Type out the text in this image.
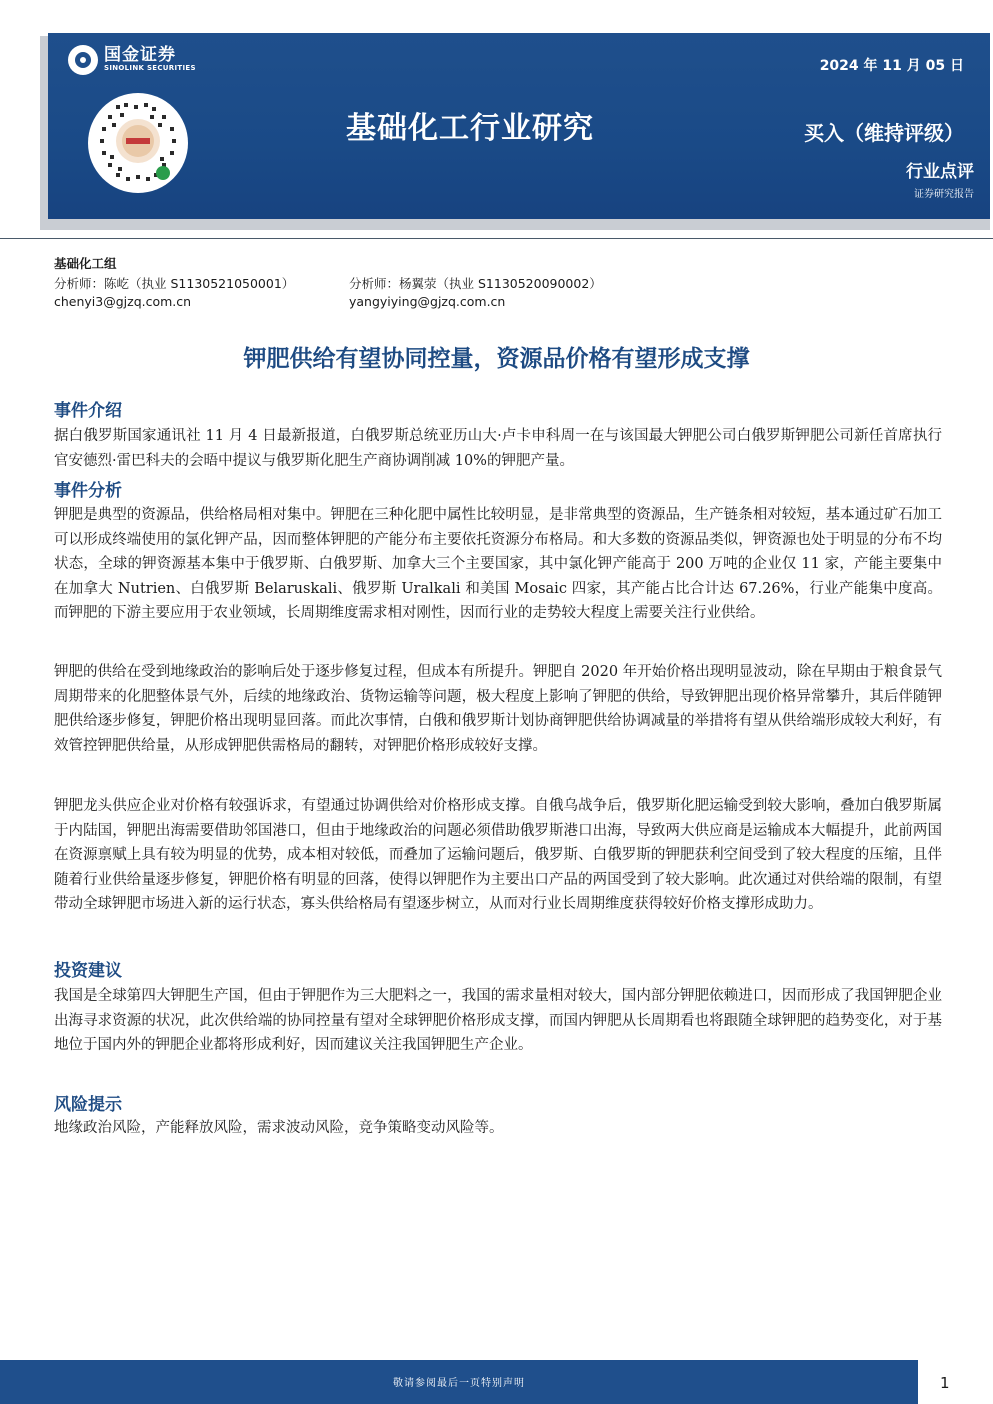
国金证券
SINOLINK SECURITIES	2024 年 11 月 05 日
基础化工行业研究	买入（维持评级）
行业点评
证券研究报告
基础化工组
分析师：陈屹（执业 S1130521050001）
chenyi3@gjzq.com.cn
分析师：杨翼荥（执业 S1130520090002）
yangyiying@gjzq.com.cn
钾肥供给有望协同控量，资源品价格有望形成支撑
事件介绍
据白俄罗斯国家通讯社 11 月 4 日最新报道，白俄罗斯总统亚历山大·卢卡申科周一在与该国最大钾肥公司白俄罗斯钾肥公司新任首席执行官安德烈·雷巴科夫的会晤中提议与俄罗斯化肥生产商协调削减 10%的钾肥产量。
事件分析
钾肥是典型的资源品，供给格局相对集中。钾肥在三种化肥中属性比较明显，是非常典型的资源品，生产链条相对较短，基本通过矿石加工可以形成终端使用的氯化钾产品，因而整体钾肥的产能分布主要依托资源分布格局。和大多数的资源品类似，钾资源也处于明显的分布不均状态，全球的钾资源基本集中于俄罗斯、白俄罗斯、加拿大三个主要国家，其中氯化钾产能高于 200 万吨的企业仅 11 家，产能主要集中在加拿大 Nutrien、白俄罗斯 Belaruskali、俄罗斯 Uralkali 和美国 Mosaic 四家，其产能占比合计达 67.26%，行业产能集中度高。而钾肥的下游主要应用于农业领域，长周期维度需求相对刚性，因而行业的走势较大程度上需要关注行业供给。
钾肥的供给在受到地缘政治的影响后处于逐步修复过程，但成本有所提升。钾肥自 2020 年开始价格出现明显波动，除在早期由于粮食景气周期带来的化肥整体景气外，后续的地缘政治、货物运输等问题，极大程度上影响了钾肥的供给，导致钾肥出现价格异常攀升，其后伴随钾肥供给逐步修复，钾肥价格出现明显回落。而此次事情，白俄和俄罗斯计划协商钾肥供给协调减量的举措将有望从供给端形成较大利好，有效管控钾肥供给量，从形成钾肥供需格局的翻转，对钾肥价格形成较好支撑。
钾肥龙头供应企业对价格有较强诉求，有望通过协调供给对价格形成支撑。自俄乌战争后，俄罗斯化肥运输受到较大影响，叠加白俄罗斯属于内陆国，钾肥出海需要借助邻国港口，但由于地缘政治的问题必须借助俄罗斯港口出海，导致两大供应商是运输成本大幅提升，此前两国在资源禀赋上具有较为明显的优势，成本相对较低，而叠加了运输问题后，俄罗斯、白俄罗斯的钾肥获利空间受到了较大程度的压缩，且伴随着行业供给量逐步修复，钾肥价格有明显的回落，使得以钾肥作为主要出口产品的两国受到了较大影响。此次通过对供给端的限制，有望带动全球钾肥市场进入新的运行状态，寡头供给格局有望逐步树立，从而对行业长周期维度获得较好价格支撑形成助力。
投资建议
我国是全球第四大钾肥生产国，但由于钾肥作为三大肥料之一，我国的需求量相对较大，国内部分钾肥依赖进口，因而形成了我国钾肥企业出海寻求资源的状况，此次供给端的协同控量有望对全球钾肥价格形成支撑，而国内钾肥从长周期看也将跟随全球钾肥的趋势变化，对于基地位于国内外的钾肥企业都将形成利好，因而建议关注我国钾肥生产企业。
风险提示
地缘政治风险，产能释放风险，需求波动风险，竞争策略变动风险等。
敬请参阅最后一页特别声明	1
